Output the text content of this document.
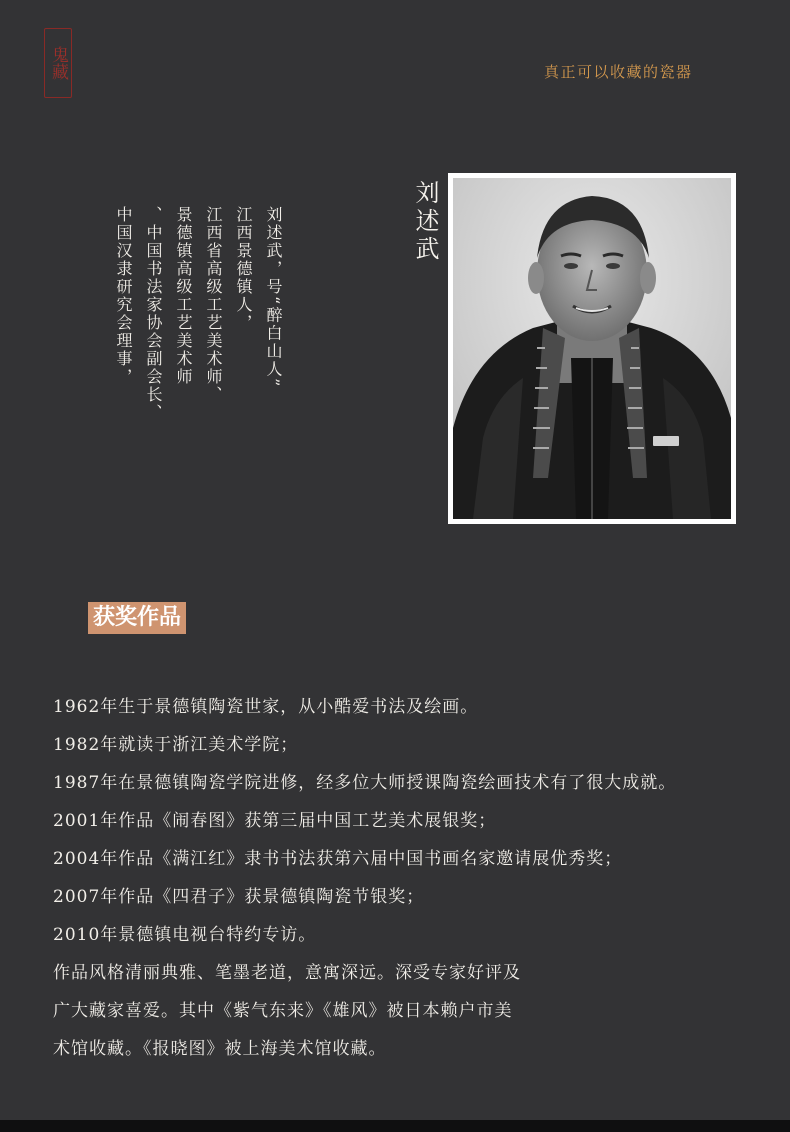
鬼藏	真正可以收藏的瓷器
刘述武，号“醉白山人”
江西景德镇人，
江西省高级工艺美术师、
景德镇高级工艺美术师
、中国书法家协会副会长、
中国汉隶研究会理事，	刘述武
获奖作品
1962年生于景德镇陶瓷世家，从小酷爱书法及绘画。
1982年就读于浙江美术学院；
1987年在景德镇陶瓷学院进修，经多位大师授课陶瓷绘画技术有了很大成就。
2001年作品《闹春图》获第三届中国工艺美术展银奖；
2004年作品《满江红》隶书书法获第六届中国书画名家邀请展优秀奖；
2007年作品《四君子》获景德镇陶瓷节银奖；
2010年景德镇电视台特约专访。
作品风格清丽典雅、笔墨老道，意寓深远。深受专家好评及
广大藏家喜爱。其中《紫气东来》《雄风》被日本赖户市美
术馆收藏。《报晓图》被上海美术馆收藏。
